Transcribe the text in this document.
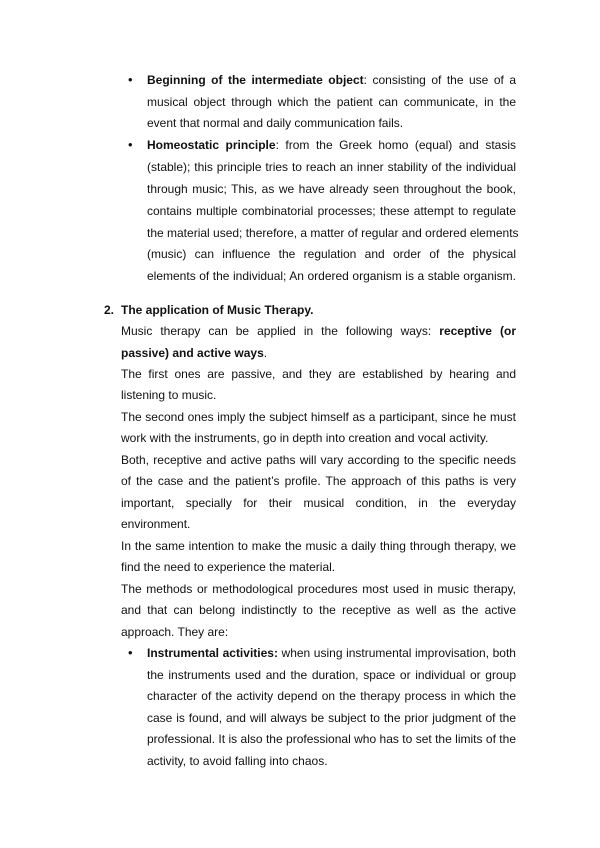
• Beginning of the intermediate object: consisting of the use of a
musical object through which the patient can communicate, in the
event that normal and daily communication fails.
• Homeostatic principle: from the Greek homo (equal) and stasis
(stable); this principle tries to reach an inner stability of the individual
through music; This, as we have already seen throughout the book,
contains multiple combinatorial processes; these attempt to regulate
the material used; therefore, a matter of regular and ordered elements
(music) can influence the regulation and order of the physical
elements of the individual; An ordered organism is a stable organism.
2. The application of Music Therapy.
Music therapy can be applied in the following ways: receptive (or
passive) and active ways.
The first ones are passive, and they are established by hearing and
listening to music.
The second ones imply the subject himself as a participant, since he must
work with the instruments, go in depth into creation and vocal activity.
Both, receptive and active paths will vary according to the specific needs
of the case and the patient’s profile. The approach of this paths is very
important, specially for their musical condition, in the everyday
environment.
In the same intention to make the music a daily thing through therapy, we
find the need to experience the material.
The methods or methodological procedures most used in music therapy,
and that can belong indistinctly to the receptive as well as the active
approach. They are:
• Instrumental activities: when using instrumental improvisation, both
the instruments used and the duration, space or individual or group
character of the activity depend on the therapy process in which the
case is found, and will always be subject to the prior judgment of the
professional. It is also the professional who has to set the limits of the
activity, to avoid falling into chaos.
